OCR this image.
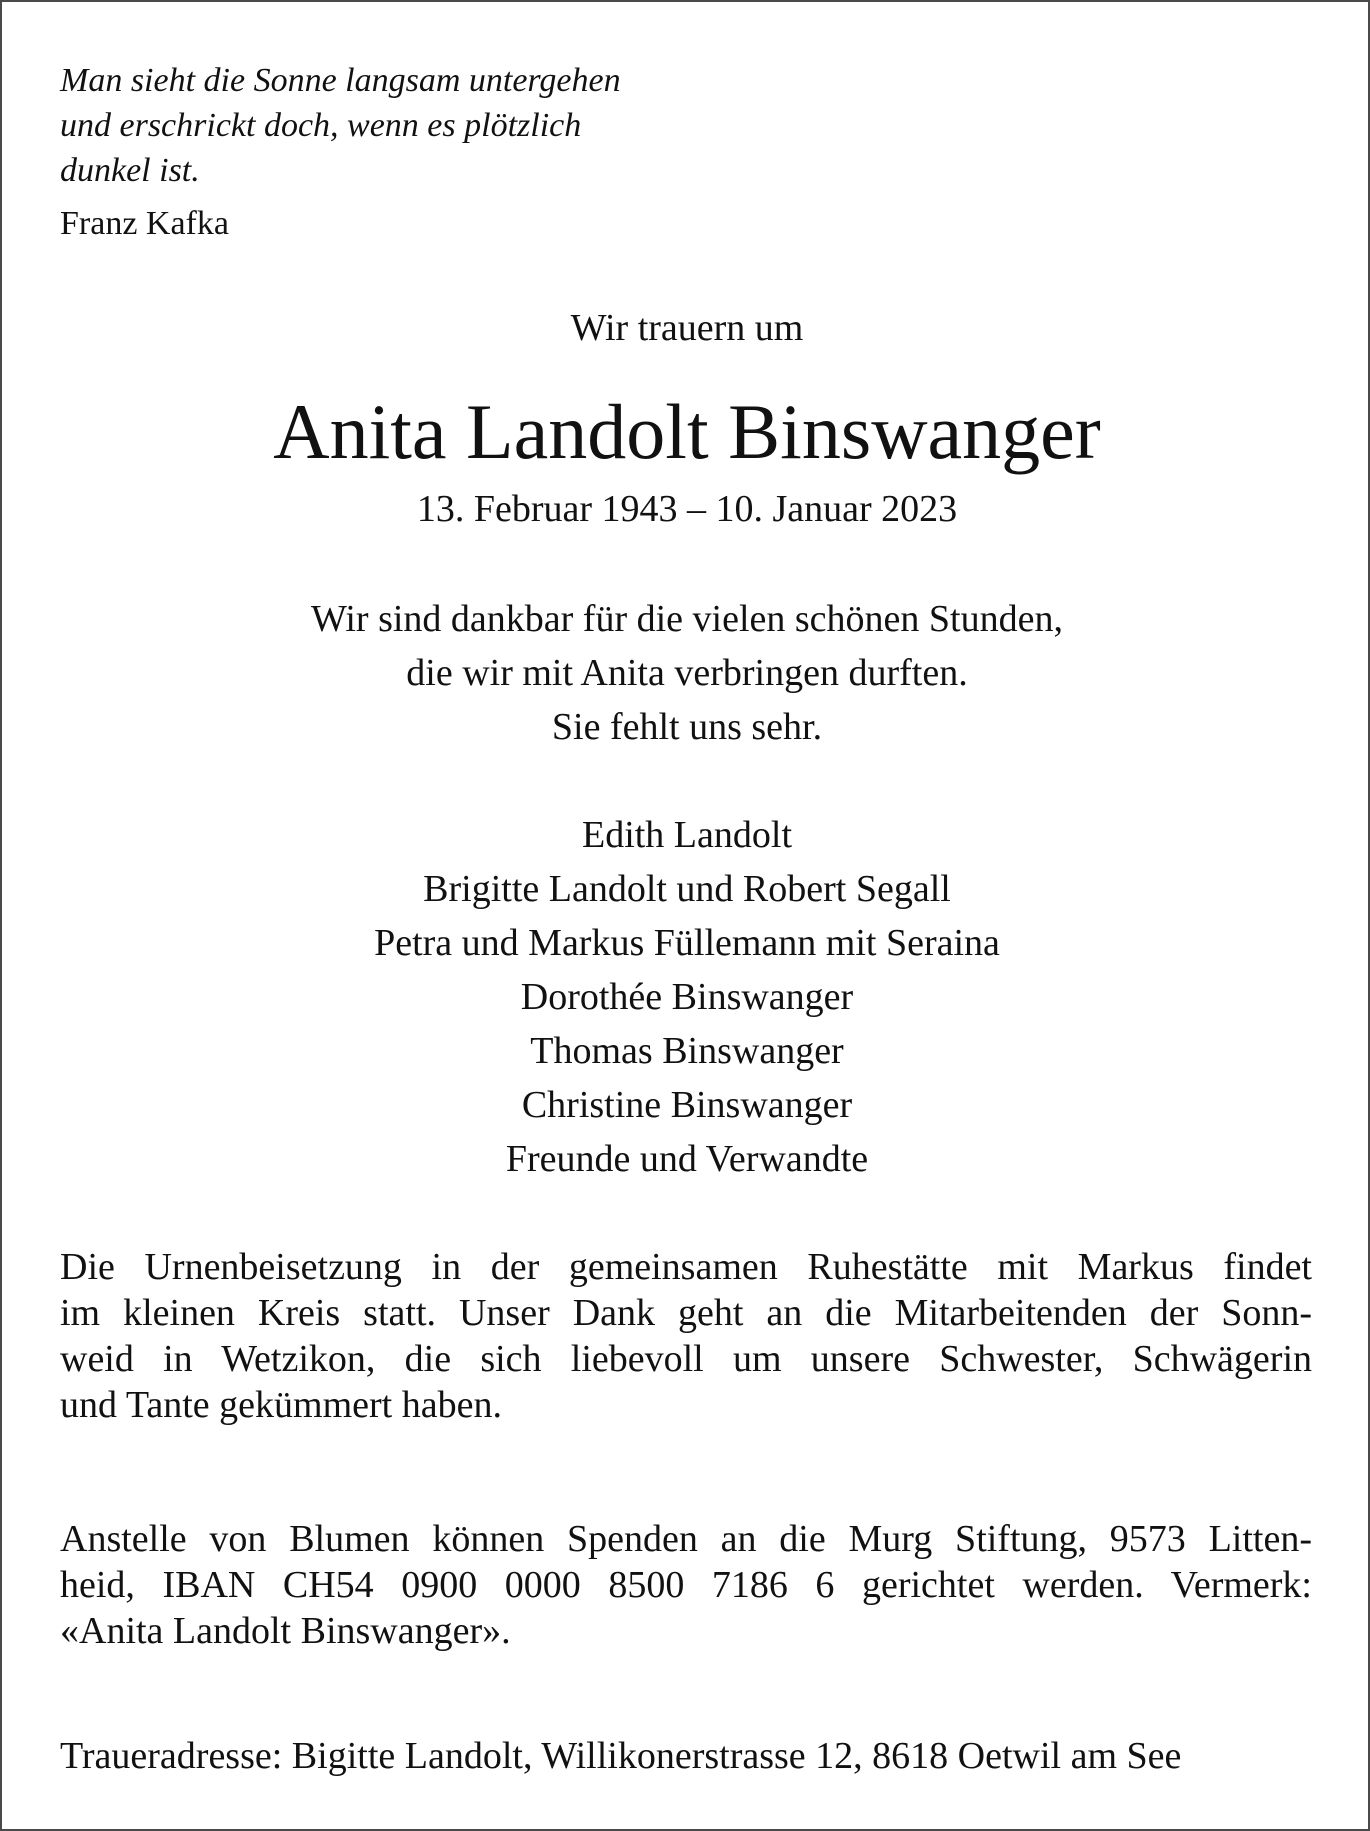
Man sieht die Sonne langsam untergehen
und erschrickt doch, wenn es plötzlich
dunkel ist.
Franz Kafka
Wir trauern um
Anita Landolt Binswanger
13. Februar 1943 – 10. Januar 2023
Wir sind dankbar für die vielen schönen Stunden,
die wir mit Anita verbringen durften.
Sie fehlt uns sehr.
Edith Landolt
Brigitte Landolt und Robert Segall
Petra und Markus Füllemann mit Seraina
Dorothée Binswanger
Thomas Binswanger
Christine Binswanger
Freunde und Verwandte
Die Urnenbeisetzung in der gemeinsamen Ruhestätte mit Markus findet
im kleinen Kreis statt. Unser Dank geht an die Mitarbeitenden der Sonn-
weid in Wetzikon, die sich liebevoll um unsere Schwester, Schwägerin
und Tante gekümmert haben.
Anstelle von Blumen können Spenden an die Murg Stiftung, 9573 Litten-
heid, IBAN CH54 0900 0000 8500 7186 6 gerichtet werden. Vermerk:
«Anita Landolt Binswanger».
Traueradresse: Bigitte Landolt, Willikonerstrasse 12, 8618 Oetwil am See
